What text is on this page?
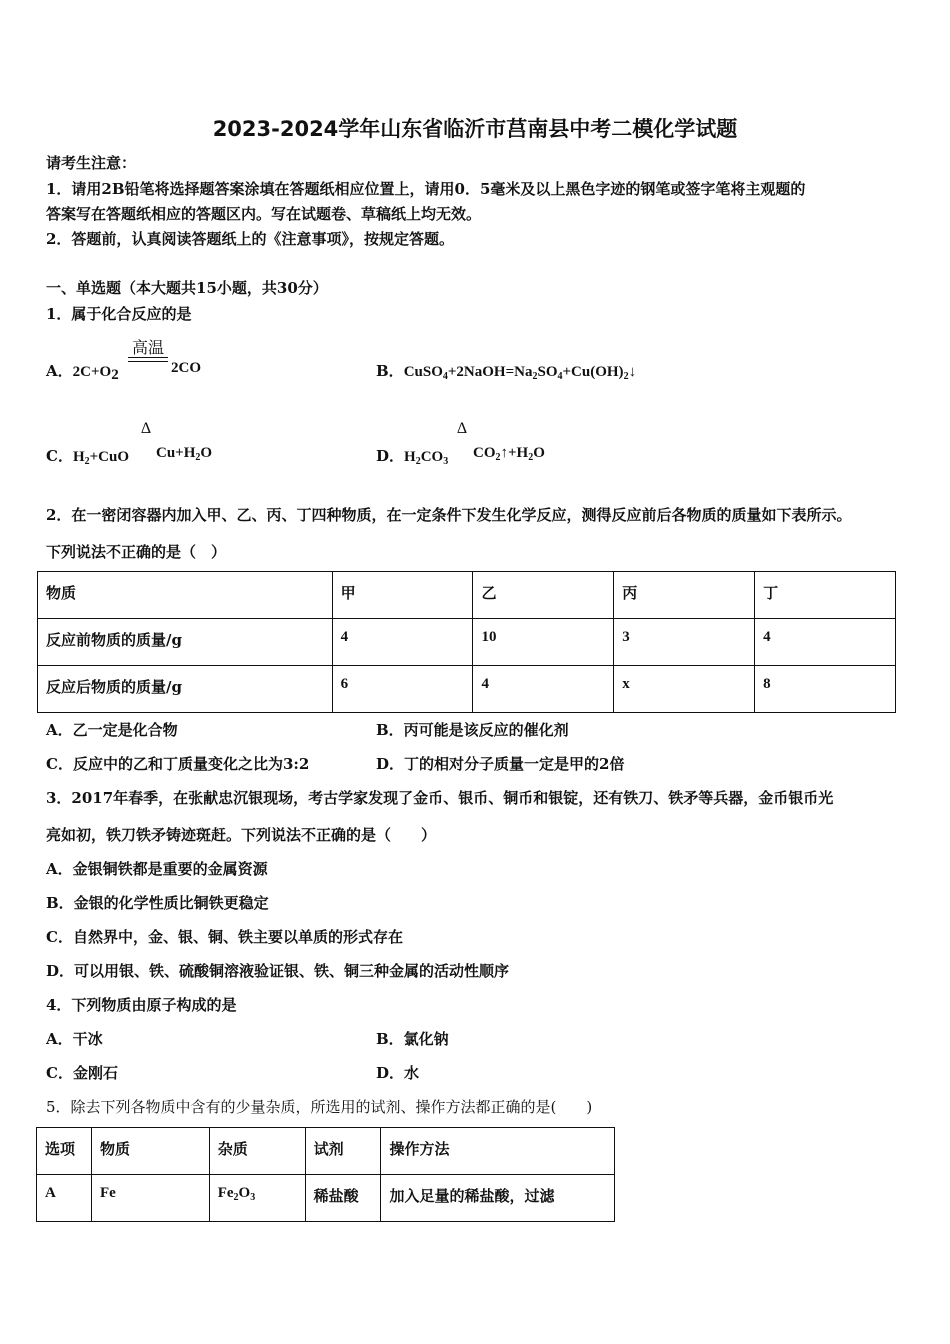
2023-2024学年山东省临沂市莒南县中考二模化学试题
请考生注意：
1．请用2B铅笔将选择题答案涂填在答题纸相应位置上，请用0．5毫米及以上黑色字迹的钢笔或签字笔将主观题的
答案写在答题纸相应的答题区内。写在试题卷、草稿纸上均无效。
2．答题前，认真阅读答题纸上的《注意事项》，按规定答题。
一、单选题（本大题共15小题，共30分）
1．属于化合反应的是
A．$2C+O_2$
高温
2CO	B．$CuSO_4+2NaOH=Na_2SO_4+Cu(OH)_2↓$
C．$H_2+CuO$
Δ
$Cu+H_2O$	D．$H_2CO_3$
Δ
$CO_2↑+H_2O$
2．在一密闭容器内加入甲、乙、丙、丁四种物质，在一定条件下发生化学反应，测得反应前后各物质的质量如下表所示。
下列说法不正确的是（　）
物质	甲	乙	丙	丁
反应前物质的质量/g	4	10	3	4
反应后物质的质量/g	6	4	x	8
A．乙一定是化合物	B．丙可能是该反应的催化剂
C．反应中的乙和丁质量变化之比为3:2	D．丁的相对分子质量一定是甲的2倍
3．2017年春季，在张献忠沉银现场，考古学家发现了金币、银币、铜币和银锭，还有铁刀、铁矛等兵器，金币银币光
亮如初，铁刀铁矛铸迹斑赶。下列说法不正确的是（　　）
A．金银铜铁都是重要的金属资源
B．金银的化学性质比铜铁更稳定
C．自然界中，金、银、铜、铁主要以单质的形式存在
D．可以用银、铁、硫酸铜溶液验证银、铁、铜三种金属的活动性顺序
4．下列物质由原子构成的是
A．干冰	B．氯化钠
C．金刚石	D．水
5．除去下列各物质中含有的少量杂质，所选用的试剂、操作方法都正确的是(　　)
选项	物质	杂质	试剂	操作方法
A	Fe	$Fe_2O_3$	稀盐酸	加入足量的稀盐酸，过滤
